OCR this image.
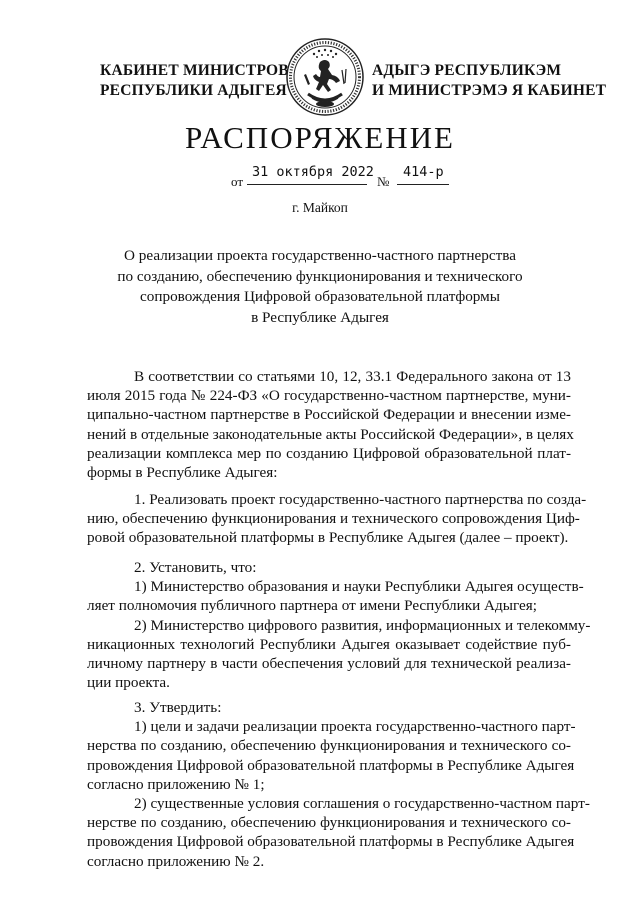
КАБИНЕТ МИНИСТРОВ
РЕСПУБЛИКИ АДЫГЕЯ
АДЫГЭ РЕСПУБЛИКЭМ
И МИНИСТРЭМЭ Я КАБИНЕТ
РАСПОРЯЖЕНИЕ
от
31 октября 2022
№
414-р
г. Майкоп
О реализации проекта государственно-частного партнерства
по созданию, обеспечению функционирования и технического
сопровождения Цифровой образовательной платформы
в Республике Адыгея
В соответствии со статьями 10, 12, 33.1 Федерального закона от 13
июля 2015 года № 224-ФЗ «О государственно-частном партнерстве, муни-
ципально-частном партнерстве в Российской Федерации и внесении изме-
нений в отдельные законодательные акты Российской Федерации», в целях
реализации комплекса мер по созданию Цифровой образовательной плат-
формы в Республике Адыгея:
1. Реализовать проект государственно-частного партнерства по созда-
нию, обеспечению функционирования и технического сопровождения Циф-
ровой образовательной платформы в Республике Адыгея (далее – проект).
2. Установить, что:
1) Министерство образования и науки Республики Адыгея осуществ-
ляет полномочия публичного партнера от имени Республики Адыгея;
2) Министерство цифрового развития, информационных и телекомму-
никационных технологий Республики Адыгея оказывает содействие пуб-
личному партнеру в части обеспечения условий для технической реализа-
ции проекта.
3. Утвердить:
1) цели и задачи реализации проекта государственно-частного парт-
нерства по созданию, обеспечению функционирования и технического со-
провождения Цифровой образовательной платформы в Республике Адыгея
согласно приложению № 1;
2) существенные условия соглашения о государственно-частном парт-
нерстве по созданию, обеспечению функционирования и технического со-
провождения Цифровой образовательной платформы в Республике Адыгея
согласно приложению № 2.
